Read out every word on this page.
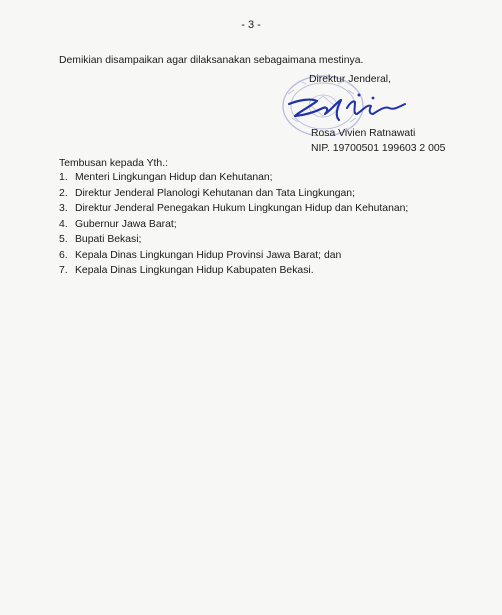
- 3 -
Demikian disampaikan agar dilaksanakan sebagaimana mestinya.
Direktur Jenderal,
Rosa Vivien Ratnawati
NIP. 19700501 199603 2 005
Tembusan kepada Yth.:
1. Menteri Lingkungan Hidup dan Kehutanan;
2. Direktur Jenderal Planologi Kehutanan dan Tata Lingkungan;
3. Direktur Jenderal Penegakan Hukum Lingkungan Hidup dan Kehutanan;
4. Gubernur Jawa Barat;
5. Bupati Bekasi;
6. Kepala Dinas Lingkungan Hidup Provinsi Jawa Barat; dan
7. Kepala Dinas Lingkungan Hidup Kabupaten Bekasi.
